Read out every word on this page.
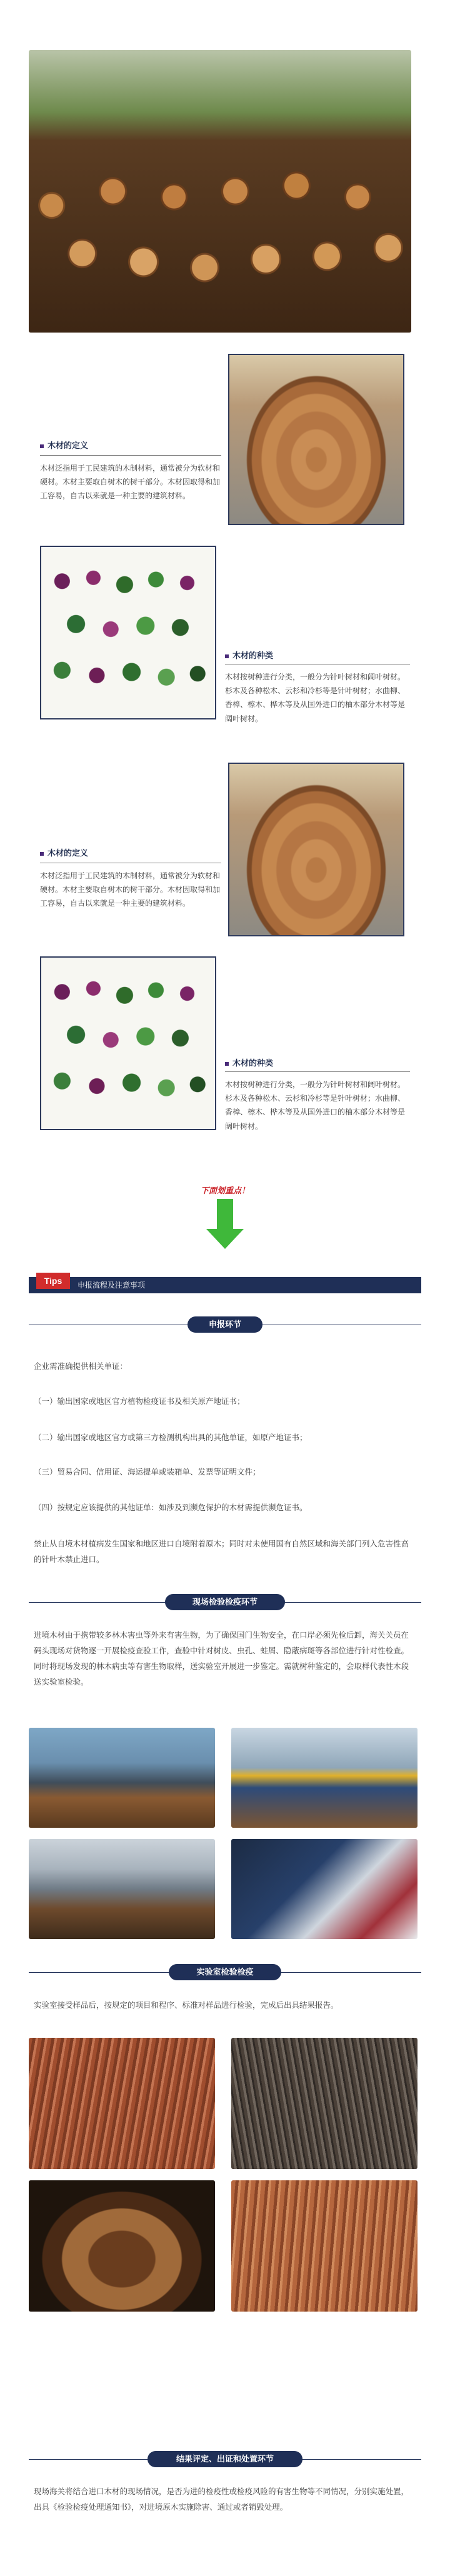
木材的定义
木材泛指用于工民建筑的木制材料，通常被分为软材和硬材。木材主要取自树木的树干部分。木材因取得和加工容易，自古以来就是一种主要的建筑材料。
木材的种类
木材按树种进行分类，一般分为针叶树材和阔叶树材。杉木及各种松木、云杉和冷杉等是针叶树材；水曲柳、香樟、檫木、桦木等及从国外进口的柚木部分木材等是阔叶树材。
木材的定义
木材泛指用于工民建筑的木制材料，通常被分为软材和硬材。木材主要取自树木的树干部分。木材因取得和加工容易，自古以来就是一种主要的建筑材料。
木材的种类
木材按树种进行分类，一般分为针叶树材和阔叶树材。杉木及各种松木、云杉和冷杉等是针叶树材；水曲柳、香樟、檫木、桦木等及从国外进口的柚木部分木材等是阔叶树材。
下面划重点！
Tips	申报流程及注意事项
申报环节
企业需准确提供相关单证：
（一）输出国家或地区官方植物检疫证书及相关原产地证书；
（二）输出国家或地区官方或第三方检测机构出具的其他单证，如原产地证书；
（三）贸易合同、信用证、海运提单或装箱单、发票等证明文件；
（四）按规定应该提供的其他证单：如涉及到濒危保护的木材需提供濒危证书。
禁止从自境木材植病发生国家和地区进口自境附着原木；同时对未使用国有自然区域和海关部门列入危害性高的针叶木禁止进口。
现场检验检疫环节
进境木材由于携带较多林木害虫等外来有害生物，为了确保国门生物安全，在口岸必须先检后卸，海关关员在码头现场对货物逐一开展检疫查验工作，查验中针对树皮、虫孔、蛀屑、隐蔽病斑等各部位进行针对性检查。同时将现场发现的林木病虫等有害生物取样，送实验室开展进一步鉴定。需就树种鉴定的，会取样代表性木段送实验室检验。
实验室检验检疫
实验室接受样品后，按规定的项目和程序、标准对样品进行检验，完成后出具结果报告。
结果评定、出证和处置环节
现场海关将结合进口木材的现场情况，是否为进的检疫性或检疫风险的有害生物等不同情况，分别实施处置，出具《检验检疫处理通知书》，对进境原木实施除害、通过或者销毁处理。
